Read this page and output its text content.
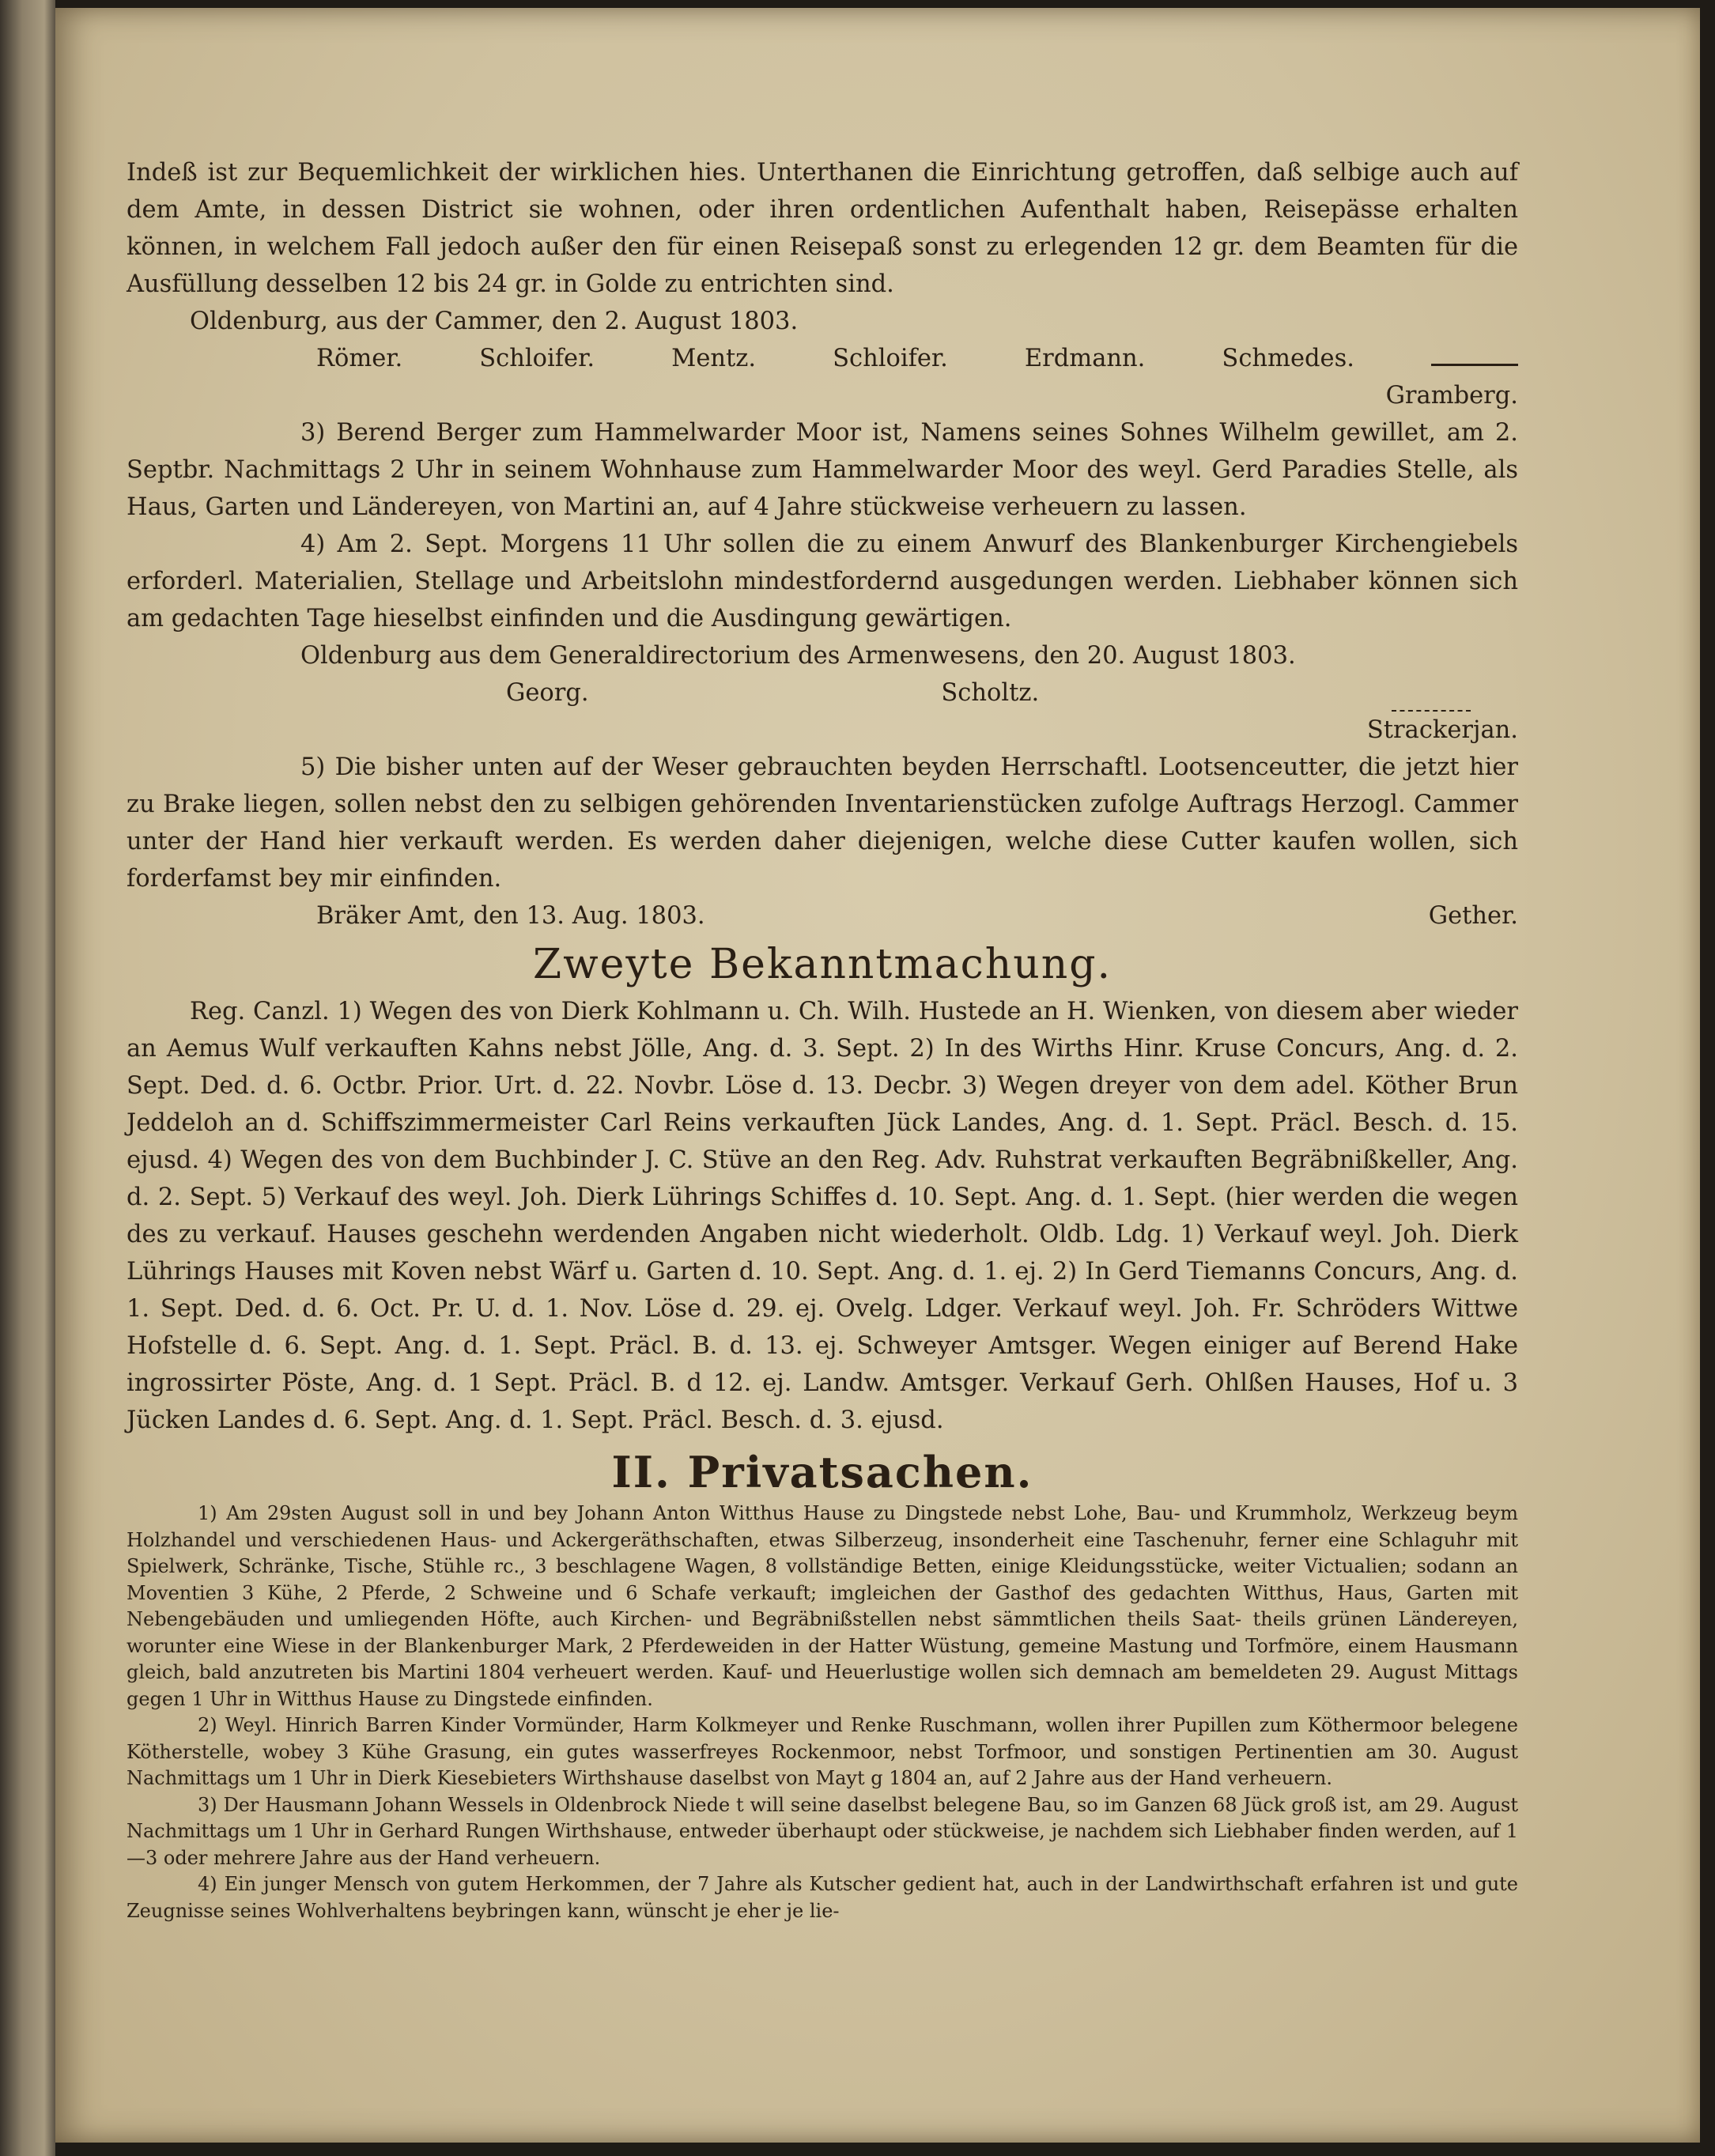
Indeß ist zur Bequemlichkeit der wirklichen hies. Unterthanen die Einrichtung getroffen, daß selbige auch auf dem Amte, in dessen District sie wohnen, oder ihren ordentlichen Aufenthalt haben, Reisepässe erhalten können, in welchem Fall jedoch außer den für einen Reisepaß sonst zu erlegenden 12 gr. dem Beamten für die Ausfüllung desselben 12 bis 24 gr. in Golde zu entrichten sind.

Oldenburg, aus der Cammer, den 2. August 1803.

Römer.	Schloifer.	Mentz.	Schloifer.	Erdmann.	Schmedes.

Gramberg.

3) Berend Berger zum Hammelwarder Moor ist, Namens seines Sohnes Wilhelm gewillet, am 2. Septbr. Nachmittags 2 Uhr in seinem Wohnhause zum Hammelwarder Moor des weyl. Gerd Paradies Stelle, als Haus, Garten und Ländereyen, von Martini an, auf 4 Jahre stückweise verheuern zu lassen.

4) Am 2. Sept. Morgens 11 Uhr sollen die zu einem Anwurf des Blankenburger Kirchengiebels erforderl. Materialien, Stellage und Arbeitslohn mindestfordernd ausgedungen werden. Liebhaber können sich am gedachten Tage hieselbst einfinden und die Ausdingung gewärtigen.

Oldenburg aus dem Generaldirectorium des Armenwesens, den 20. August 1803.

Georg.	Scholtz.

Strackerjan.

5) Die bisher unten auf der Weser gebrauchten beyden Herrschaftl. Lootsenceutter, die jetzt hier zu Brake liegen, sollen nebst den zu selbigen gehörenden Inventarienstücken zufolge Auftrags Herzogl. Cammer unter der Hand hier verkauft werden. Es werden daher diejenigen, welche diese Cutter kaufen wollen, sich forderfamst bey mir einfinden.

Bräker Amt, den 13. Aug. 1803.	Gether.
Zweyte Bekanntmachung.

Reg. Canzl. 1) Wegen des von Dierk Kohlmann u. Ch. Wilh. Hustede an H. Wienken, von diesem aber wieder an Aemus Wulf verkauften Kahns nebst Jölle, Ang. d. 3. Sept. 2) In des Wirths Hinr. Kruse Concurs, Ang. d. 2. Sept. Ded. d. 6. Octbr. Prior. Urt. d. 22. Novbr. Löse d. 13. Decbr. 3) Wegen dreyer von dem adel. Köther Brun Jeddeloh an d. Schiffszimmermeister Carl Reins verkauften Jück Landes, Ang. d. 1. Sept. Präcl. Besch. d. 15. ejusd. 4) Wegen des von dem Buchbinder J. C. Stüve an den Reg. Adv. Ruhstrat verkauften Begräbnißkeller, Ang. d. 2. Sept. 5) Verkauf des weyl. Joh. Dierk Lührings Schiffes d. 10. Sept. Ang. d. 1. Sept. (hier werden die wegen des zu verkauf. Hauses geschehn werdenden Angaben nicht wiederholt. Oldb. Ldg. 1) Verkauf weyl. Joh. Dierk Lührings Hauses mit Koven nebst Wärf u. Garten d. 10. Sept. Ang. d. 1. ej. 2) In Gerd Tiemanns Concurs, Ang. d. 1. Sept. Ded. d. 6. Oct. Pr. U. d. 1. Nov. Löse d. 29. ej. Ovelg. Ldger. Verkauf weyl. Joh. Fr. Schröders Wittwe Hofstelle d. 6. Sept. Ang. d. 1. Sept. Präcl. B. d. 13. ej. Schweyer Amtsger. Wegen einiger auf Berend Hake ingrossirter Pöste, Ang. d. 1 Sept. Präcl. B. d 12. ej. Landw. Amtsger. Verkauf Gerh. Ohlßen Hauses, Hof u. 3 Jücken Landes d. 6. Sept. Ang. d. 1. Sept. Präcl. Besch. d. 3. ejusd.

II. Privatsachen.

1) Am 29sten August soll in und bey Johann Anton Witthus Hause zu Dingstede nebst Lohe, Bau- und Krummholz, Werkzeug beym Holzhandel und verschiedenen Haus- und Ackergeräthschaften, etwas Silberzeug, insonderheit eine Taschenuhr, ferner eine Schlaguhr mit Spielwerk, Schränke, Tische, Stühle rc., 3 beschlagene Wagen, 8 vollständige Betten, einige Kleidungsstücke, weiter Victualien; sodann an Moventien 3 Kühe, 2 Pferde, 2 Schweine und 6 Schafe verkauft; imgleichen der Gasthof des gedachten Witthus, Haus, Garten mit Nebengebäuden und umliegenden Höfte, auch Kirchen- und Begräbnißstellen nebst sämmtlichen theils Saat- theils grünen Ländereyen, worunter eine Wiese in der Blankenburger Mark, 2 Pferdeweiden in der Hatter Wüstung, gemeine Mastung und Torfmöre, einem Hausmann gleich, bald anzutreten bis Martini 1804 verheuert werden. Kauf- und Heuerlustige wollen sich demnach am bemeldeten 29. August Mittags gegen 1 Uhr in Witthus Hause zu Dingstede einfinden.

2) Weyl. Hinrich Barren Kinder Vormünder, Harm Kolkmeyer und Renke Ruschmann, wollen ihrer Pupillen zum Köthermoor belegene Kötherstelle, wobey 3 Kühe Grasung, ein gutes wasserfreyes Rockenmoor, nebst Torfmoor, und sonstigen Pertinentien am 30. August Nachmittags um 1 Uhr in Dierk Kiesebieters Wirthshause daselbst von Mayt g 1804 an, auf 2 Jahre aus der Hand verheuern.

3) Der Hausmann Johann Wessels in Oldenbrock Niede t will seine daselbst belegene Bau, so im Ganzen 68 Jück groß ist, am 29. August Nachmittags um 1 Uhr in Gerhard Rungen Wirthshause, entweder überhaupt oder stückweise, je nachdem sich Liebhaber finden werden, auf 1—3 oder mehrere Jahre aus der Hand verheuern.

4) Ein junger Mensch von gutem Herkommen, der 7 Jahre als Kutscher gedient hat, auch in der Landwirthschaft erfahren ist und gute Zeugnisse seines Wohlverhaltens beybringen kann, wünscht je eher je lie-
